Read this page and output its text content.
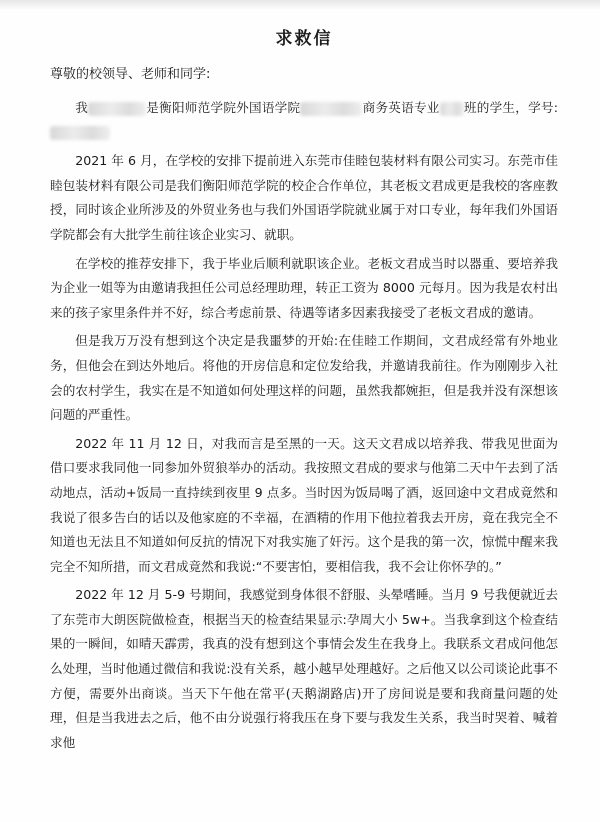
求救信
尊敬的校领导、老师和同学:

我	是衡阳师范学院外国语学院	商务英语专业 班的学生，学号:

2021 年 6 月，在学校的安排下提前进入东莞市佳睦包装材料有限公司实习。东莞市佳睦包装材料有限公司是我们衡阳师范学院的校企合作单位，其老板文君成更是我校的客座教授，同时该企业所涉及的外贸业务也与我们外国语学院就业属于对口专业，每年我们外国语学院都会有大批学生前往该企业实习、就职。

在学校的推荐安排下，我于毕业后顺利就职该企业。老板文君成当时以器重、要培养我为企业一姐等为由邀请我担任公司总经理助理，转正工资为 8000 元每月。因为我是农村出来的孩子家里条件并不好，综合考虑前景、待遇等诸多因素我接受了老板文君成的邀请。

但是我万万没有想到这个决定是我噩梦的开始:在佳睦工作期间，文君成经常有外地业务，但他会在到达外地后。将他的开房信息和定位发给我，并邀请我前往。作为刚刚步入社会的农村学生，我实在是不知道如何处理这样的问题，虽然我都婉拒，但是我并没有深想该问题的严重性。

2022 年 11 月 12 日，对我而言是至黑的一天。这天文君成以培养我、带我见世面为借口要求我同他一同参加外贸狼举办的活动。我按照文君成的要求与他第二天中午去到了活动地点，活动+饭局一直持续到夜里 9 点多。当时因为饭局喝了酒，返回途中文君成竟然和我说了很多告白的话以及他家庭的不幸福，在酒精的作用下他拉着我去开房，竟在我完全不知道也无法且不知道如何反抗的情况下对我实施了奸污。这个是我的第一次，惊慌中醒来我完全不知所措，而文君成竟然和我说:“不要害怕，要相信我，我不会让你怀孕的。”

2022 年 12 月 5-9 号期间，我感觉到身体很不舒服、头晕嗜睡。当月 9 号我便就近去了东莞市大朗医院做检查，根据当天的检查结果显示:孕周大小 5w+。当我拿到这个检查结果的一瞬间，如晴天霹雳，我真的没有想到这个事情会发生在我身上。我联系文君成问他怎么处理，当时他通过微信和我说:没有关系，越小越早处理越好。之后他又以公司谈论此事不方便，需要外出商谈。当天下午他在常平(天鹅湖路店)开了房间说是要和我商量问题的处理，但是当我进去之后，他不由分说强行将我压在身下要与我发生关系，我当时哭着、喊着求他
